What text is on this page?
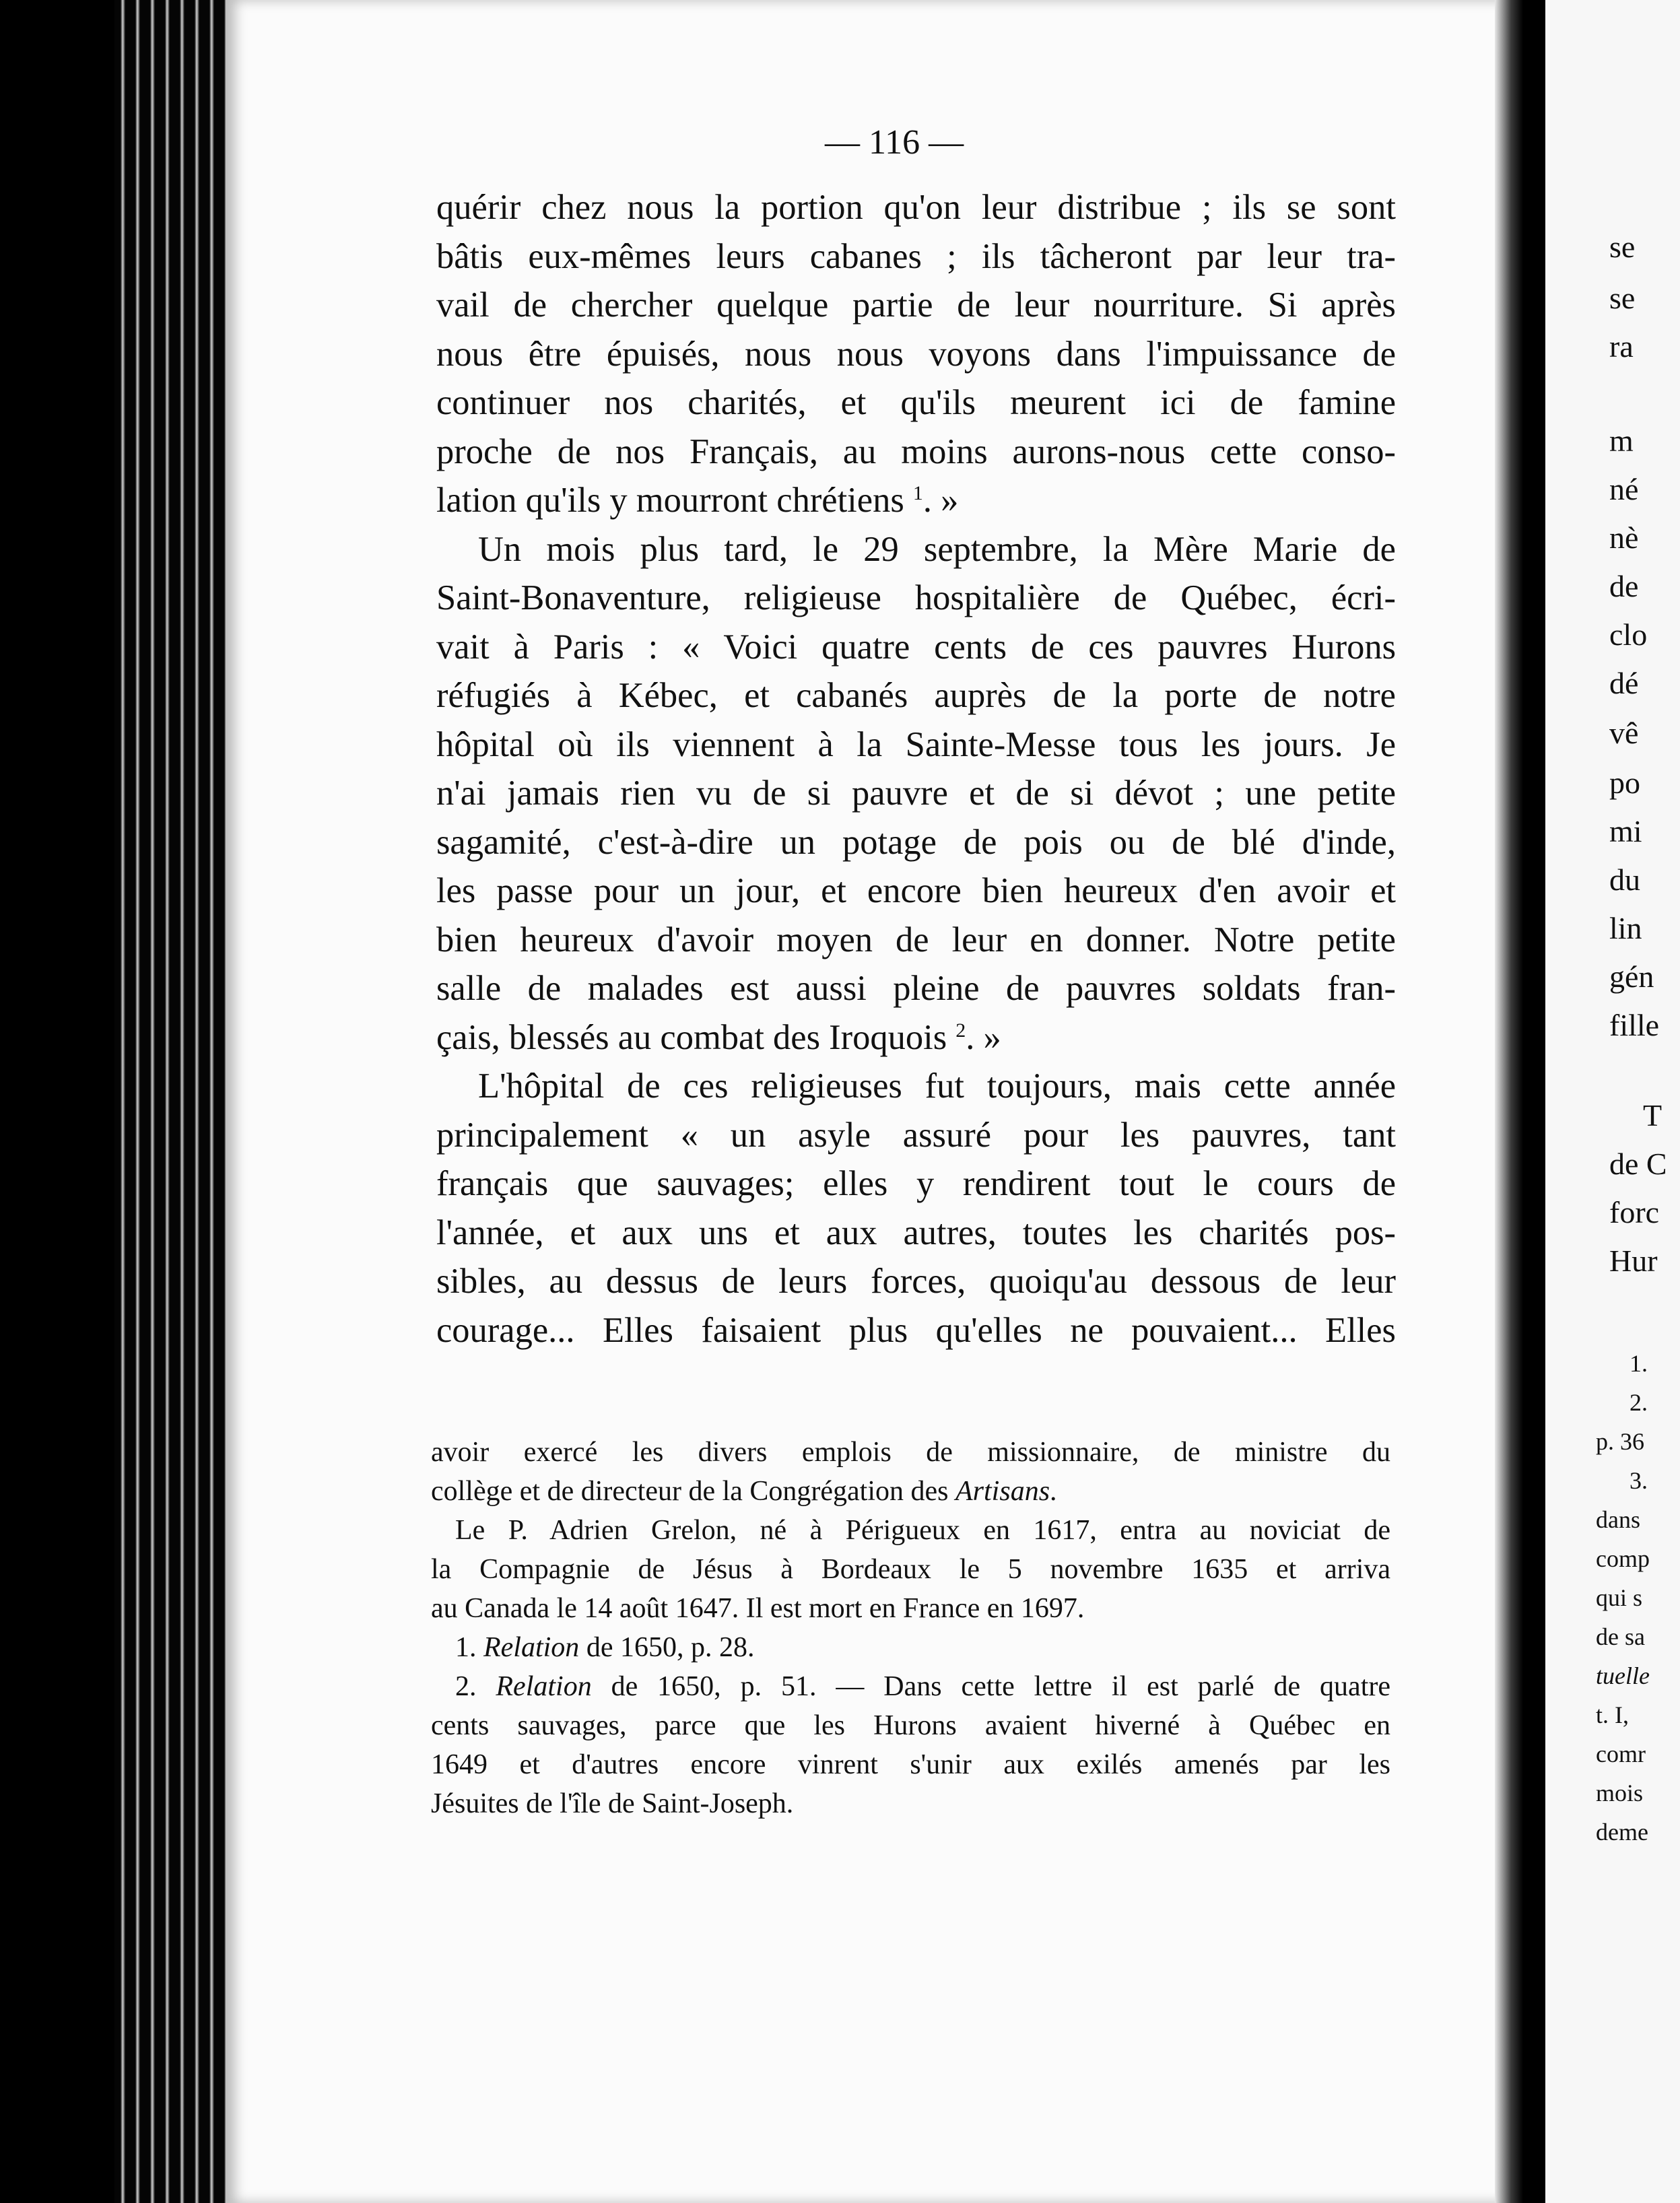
— 116 —

quérir chez nous la portion qu'on leur distribue ; ils se sont

bâtis eux-mêmes leurs cabanes ; ils tâcheront par leur tra-

vail de chercher quelque partie de leur nourriture. Si après

nous être épuisés, nous nous voyons dans l'impuissance de

continuer nos charités, et qu'ils meurent ici de famine

proche de nos Français, au moins aurons-nous cette conso-

lation qu'ils y mourront chrétiens $^1$. »

Un mois plus tard, le 29 septembre, la Mère Marie de

Saint-Bonaventure, religieuse hospitalière de Québec, écri-

vait à Paris : « Voici quatre cents de ces pauvres Hurons

réfugiés à Kébec, et cabanés auprès de la porte de notre

hôpital où ils viennent à la Sainte-Messe tous les jours. Je

n'ai jamais rien vu de si pauvre et de si dévot ; une petite

sagamité, c'est-à-dire un potage de pois ou de blé d'inde,

les passe pour un jour, et encore bien heureux d'en avoir et

bien heureux d'avoir moyen de leur en donner. Notre petite

salle de malades est aussi pleine de pauvres soldats fran-

çais, blessés au combat des Iroquois $^2$. »

L'hôpital de ces religieuses fut toujours, mais cette année

principalement « un asyle assuré pour les pauvres, tant

français que sauvages; elles y rendirent tout le cours de

l'année, et aux uns et aux autres, toutes les charités pos-

sibles, au dessus de leurs forces, quoiqu'au dessous de leur

courage... Elles faisaient plus qu'elles ne pouvaient... Elles

avoir exercé les divers emplois de missionnaire, de ministre du

collège et de directeur de la Congrégation des Artisans.

Le P. Adrien Grelon, né à Périgueux en 1617, entra au noviciat de

la Compagnie de Jésus à Bordeaux le 5 novembre 1635 et arriva

au Canada le 14 août 1647. Il est mort en France en 1697.

1. Relation de 1650, p. 28.

2. Relation de 1650, p. 51. — Dans cette lettre il est parlé de quatre

cents sauvages, parce que les Hurons avaient hiverné à Québec en

1649 et d'autres encore vinrent s'unir aux exilés amenés par les

Jésuites de l'île de Saint-Joseph.

se
se
ra
m
né
nè
de
clo
dé
vê
po
mi
du
lin
gén
fille
T
de C
forc
Hur
1.
2.
p. 36
3.
dans
comp
qui s
de sa
tuelle
t. I,
comr
mois
deme
